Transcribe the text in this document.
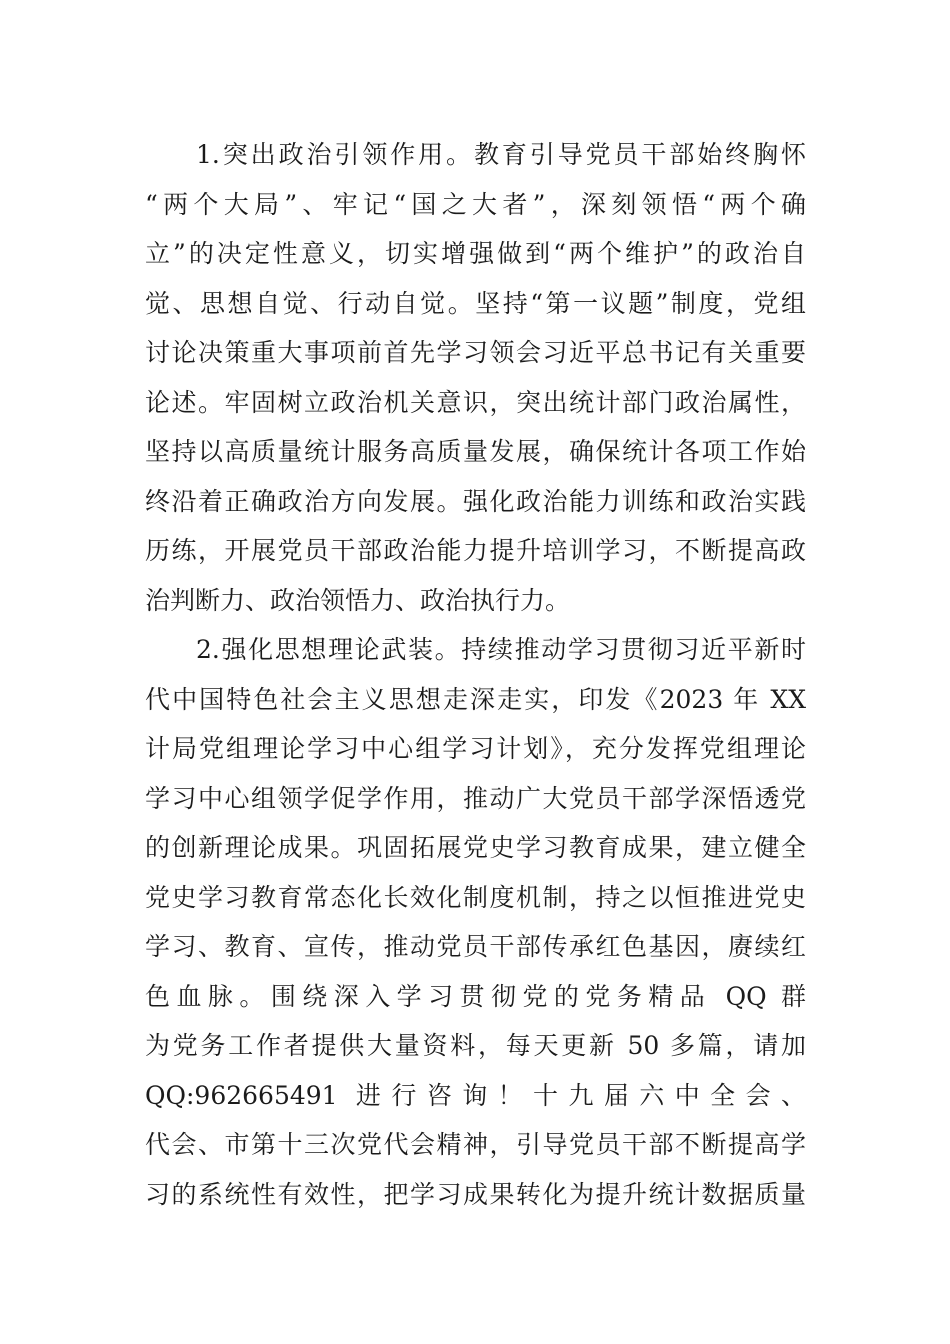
1.突出政治引领作用。教育引导党员干部始终胸怀
“两个大局”、牢记“国之大者”，深刻领悟“两个确
立”的决定性意义，切实增强做到“两个维护”的政治自
觉、思想自觉、行动自觉。坚持“第一议题”制度，党组
讨论决策重大事项前首先学习领会习近平总书记有关重要
论述。牢固树立政治机关意识，突出统计部门政治属性，
坚持以高质量统计服务高质量发展，确保统计各项工作始
终沿着正确政治方向发展。强化政治能力训练和政治实践
历练，开展党员干部政治能力提升培训学习，不断提高政
治判断力、政治领悟力、政治执行力。
2.强化思想理论武装。持续推动学习贯彻习近平新时
代中国特色社会主义思想走深走实，印发《2023 年 XX
计局党组理论学习中心组学习计划》，充分发挥党组理论
学习中心组领学促学作用，推动广大党员干部学深悟透党
的创新理论成果。巩固拓展党史学习教育成果，建立健全
党史学习教育常态化长效化制度机制，持之以恒推进党史
学习、教育、宣传，推动党员干部传承红色基因，赓续红
色血脉。围绕深入学习贯彻党的党务精品 QQ 群
为党务工作者提供大量资料，每天更新 50 多篇，请加
QQ:962665491 进行咨询！十九届六中全会、
代会、市第十三次党代会精神，引导党员干部不断提高学
习的系统性有效性，把学习成果转化为提升统计数据质量
